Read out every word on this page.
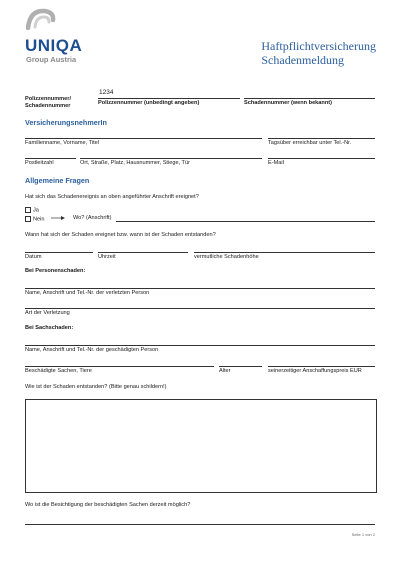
UNIQA
Group Austria
Haftpflichtversicherung
Schadenmeldung
Polizzennummer/
Schadennummer
1234
Polizzennummer (unbedingt angeben)	Schadennummer (wenn bekannt)
VersicherungsnehmerIn
Familienname, Vorname, Titel	Tagsüber erreichbar unter Tel.-Nr.
Postleitzahl	Ort, Straße, Platz, Hausnummer, Stiege, Tür	E-Mail
Allgemeine Fragen
Hat sich das Schadenereignis an oben angeführter Anschrift ereignet?
Ja
Nein	Wo? (Anschrift)
Wann hat sich der Schaden ereignet bzw. wann ist der Schaden entstanden?
Datum	Uhrzeit	vermutliche Schadenhöhe
Bei Personenschaden:
Name, Anschrift und Tel.-Nr. der verletzten Person
Art der Verletzung
Bei Sachschaden:
Name, Anschrift und Tel.-Nr. der geschädigten Person
Beschädigte Sachen, Tiere	Alter	seinerzeitiger Anschaffungspreis EUR
Wie ist der Schaden entstanden? (Bitte genau schildern!)
Wo ist die Besichtigung der beschädigten Sachen derzeit möglich?
Seite 1 von 2
